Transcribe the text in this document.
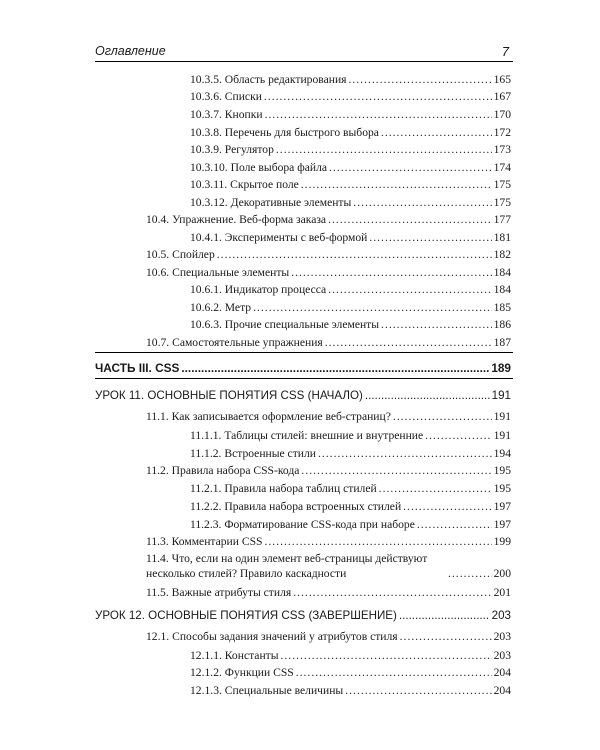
Оглавление	7
10.3.5. Область редактирования .....	165
10.3.6. Списки .....	167
10.3.7. Кнопки .....	170
10.3.8. Перечень для быстрого выбора .....	172
10.3.9. Регулятор .....	173
10.3.10. Поле выбора файла .....	174
10.3.11. Скрытое поле .....	175
10.3.12. Декоративные элементы .....	175
10.4. Упражнение. Веб-форма заказа .....	177
10.4.1. Эксперименты с веб-формой .....	181
10.5. Спойлер .....	182
10.6. Специальные элементы .....	184
10.6.1. Индикатор процесса .....	184
10.6.2. Метр .....	185
10.6.3. Прочие специальные элементы .....	186
10.7. Самостоятельные упражнения .....	187
ЧАСТЬ III. CSS .....	189
УРОК 11. ОСНОВНЫЕ ПОНЯТИЯ CSS (НАЧАЛО) .....	191
11.1. Как записывается оформление веб-страниц? .....	191
11.1.1. Таблицы стилей: внешние и внутренние .....	191
11.1.2. Встроенные стили .....	194
11.2. Правила набора CSS-кода .....	195
11.2.1. Правила набора таблиц стилей .....	195
11.2.2. Правила набора встроенных стилей .....	197
11.2.3. Форматирование CSS-кода при наборе .....	197
11.3. Комментарии CSS .....	199
11.4. Что, если на один элемент веб-страницы действуют несколько стилей? Правило каскадности .....	200
11.5. Важные атрибуты стиля .....	201
УРОК 12. ОСНОВНЫЕ ПОНЯТИЯ CSS (ЗАВЕРШЕНИЕ) .....	203
12.1. Способы задания значений у атрибутов стиля .....	203
12.1.1. Константы .....	203
12.1.2. Функции CSS .....	204
12.1.3. Специальные величины .....	204
